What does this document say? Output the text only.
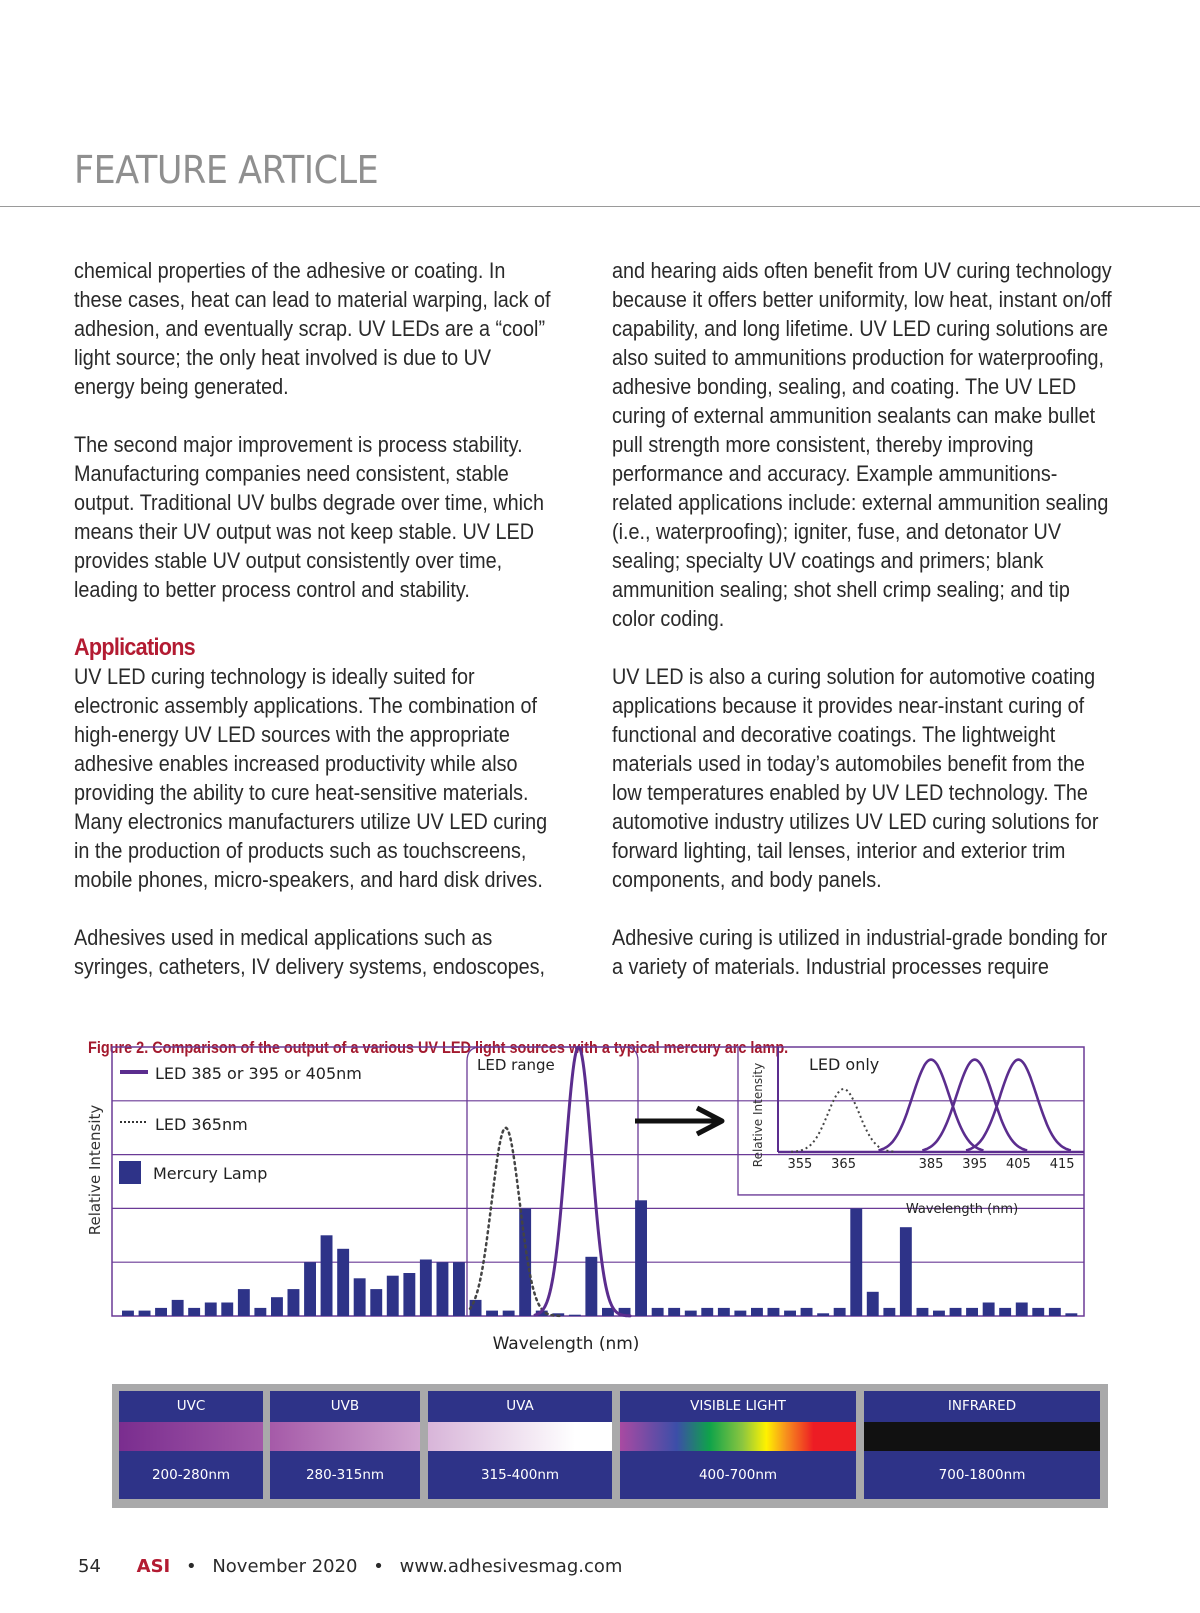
FEATURE ARTICLE

chemical properties of the adhesive or coating. In these cases, heat can lead to material warping, lack of adhesion, and eventually scrap. UV LEDs are a “cool” light source; the only heat involved is due to UV energy being generated.

The second major improvement is process stability. Manufacturing companies need consistent, stable output. Traditional UV bulbs degrade over time, which means their UV output was not keep stable. UV LED provides stable UV output consistently over time, leading to better process control and stability.

Applications

UV LED curing technology is ideally suited for electronic assembly applications. The combination of high-energy UV LED sources with the appropriate adhesive enables increased productivity while also providing the ability to cure heat-sensitive materials. Many electronics manufacturers utilize UV LED curing in the production of products such as touchscreens, mobile phones, micro-speakers, and hard disk drives.

Adhesives used in medical applications such as syringes, catheters, IV delivery systems, endoscopes,

and hearing aids often benefit from UV curing technology because it offers better uniformity, low heat, instant on/off capability, and long lifetime. UV LED curing solutions are also suited to ammunitions production for waterproofing, adhesive bonding, sealing, and coating. The UV LED curing of external ammunition sealants can make bullet pull strength more consistent, thereby improving performance and accuracy. Example ammunitions-related applications include: external ammunition sealing (i.e., waterproofing); igniter, fuse, and detonator UV sealing; specialty UV coatings and primers; blank ammunition sealing; shot shell crimp sealing; and tip color coding.

UV LED is also a curing solution for automotive coating applications because it provides near-instant curing of functional and decorative coatings. The lightweight materials used in today’s automobiles benefit from the low temperatures enabled by UV LED technology. The automotive industry utilizes UV LED curing solutions for forward lighting, tail lenses, interior and exterior trim components, and body panels.

Adhesive curing is utilized in industrial-grade bonding for a variety of materials. Industrial processes require

Figure 2. Comparison of the output of a various UV LED light sources with a typical mercury arc lamp.
LED 385 or 395 or 405nm
LED 365nm
Mercury Lamp
Relative Intensity
Wavelength (nm)
LED range	Relative Intensity	LED only
Wavelength (nm)
355 365	385 395 405 415
UVC
200-280nm
UVB
280-315nm
UVA
315-400nm
VISIBLE LIGHT
400-700nm
INFRARED
700-1800nm
54 ASI • November 2020 • www.adhesivesmag.com
